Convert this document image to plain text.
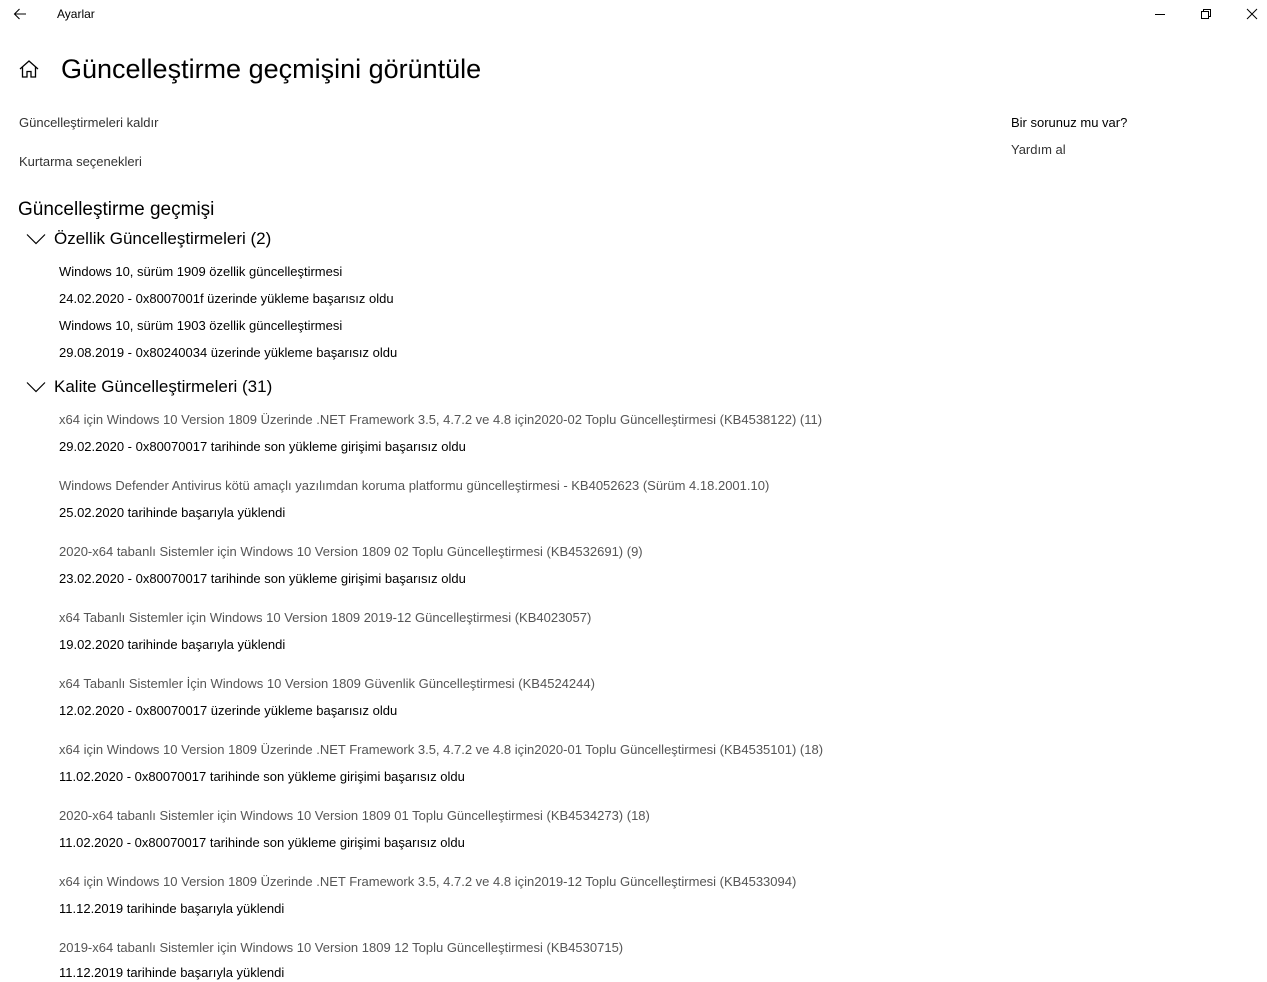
Ayarlar
Güncelleştirme geçmişini görüntüle
Güncelleştirmeleri kaldır
Kurtarma seçenekleri
Bir sorunuz mu var?
Yardım al
Güncelleştirme geçmişi
Özellik Güncelleştirmeleri (2)
Windows 10, sürüm 1909 özellik güncelleştirmesi
24.02.2020 - 0x8007001f üzerinde yükleme başarısız oldu
Windows 10, sürüm 1903 özellik güncelleştirmesi
29.08.2019 - 0x80240034 üzerinde yükleme başarısız oldu
Kalite Güncelleştirmeleri (31)
x64 için Windows 10 Version 1809 Üzerinde .NET Framework 3.5, 4.7.2 ve 4.8 için2020-02 Toplu Güncelleştirmesi (KB4538122) (11)
29.02.2020 - 0x80070017 tarihinde son yükleme girişimi başarısız oldu
Windows Defender Antivirus kötü amaçlı yazılımdan koruma platformu güncelleştirmesi - KB4052623 (Sürüm 4.18.2001.10)
25.02.2020 tarihinde başarıyla yüklendi
2020-x64 tabanlı Sistemler için Windows 10 Version 1809 02 Toplu Güncelleştirmesi (KB4532691) (9)
23.02.2020 - 0x80070017 tarihinde son yükleme girişimi başarısız oldu
x64 Tabanlı Sistemler için Windows 10 Version 1809 2019-12 Güncelleştirmesi (KB4023057)
19.02.2020 tarihinde başarıyla yüklendi
x64 Tabanlı Sistemler İçin Windows 10 Version 1809 Güvenlik Güncelleştirmesi (KB4524244)
12.02.2020 - 0x80070017 üzerinde yükleme başarısız oldu
x64 için Windows 10 Version 1809 Üzerinde .NET Framework 3.5, 4.7.2 ve 4.8 için2020-01 Toplu Güncelleştirmesi (KB4535101) (18)
11.02.2020 - 0x80070017 tarihinde son yükleme girişimi başarısız oldu
2020-x64 tabanlı Sistemler için Windows 10 Version 1809 01 Toplu Güncelleştirmesi (KB4534273) (18)
11.02.2020 - 0x80070017 tarihinde son yükleme girişimi başarısız oldu
x64 için Windows 10 Version 1809 Üzerinde .NET Framework 3.5, 4.7.2 ve 4.8 için2019-12 Toplu Güncelleştirmesi (KB4533094)
11.12.2019 tarihinde başarıyla yüklendi
2019-x64 tabanlı Sistemler için Windows 10 Version 1809 12 Toplu Güncelleştirmesi (KB4530715)
11.12.2019 tarihinde başarıyla yüklendi
